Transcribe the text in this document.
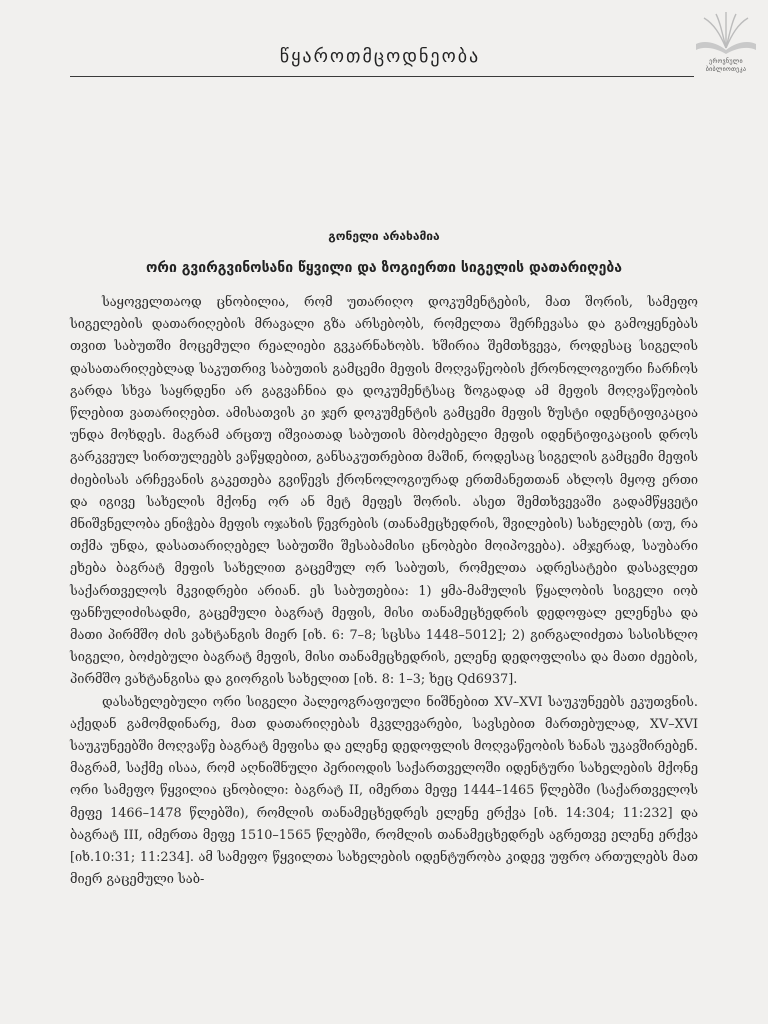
ეროვნული
ბიბლიოთეკა
წყაროთმცოდნეობა
გონელი არახამია
ორი გვირგვინოსანი წყვილი და ზოგიერთი სიგელის დათარიღება

საყოველთაოდ ცნობილია, რომ უთარიღო დოკუმენტების, მათ შორის, სამეფო სიგელების დათარიღების მრავალი გზა არსებობს, რომელთა შერჩევასა და გამოყენებას თვით საბუთში მოცემული რეალიები გვკარნახობს. ხშირია შემთხვევა, როდესაც სიგელის დასათარიღებლად საკუთრივ საბუთის გამცემი მეფის მოღვაწეობის ქრონოლოგიური ჩარჩოს გარდა სხვა საყრდენი არ გაგვაჩნია და დოკუმენტსაც ზოგადად ამ მეფის მოღვაწეობის წლებით ვათარიღებთ. ამისათვის კი ჯერ დოკუმენტის გამცემი მეფის ზუსტი იდენტიფიკაცია უნდა მოხდეს. მაგრამ არცთუ იშვიათად საბუთის მბოძებელი მეფის იდენტიფიკაციის დროს გარკვეულ სირთულეებს ვაწყდებით, განსაკუთრებით მაშინ, როდესაც სიგელის გამცემი მეფის ძიებისას არჩევანის გაკეთება გვიწევს ქრონოლოგიურად ერთმანეთთან ახლოს მყოფ ერთი და იგივე სახელის მქონე ორ ან მეტ მეფეს შორის. ასეთ შემთხვევაში გადამწყვეტი მნიშვნელობა ენიჭება მეფის ოჯახის წევრების (თანამეცხედრის, შვილების) სახელებს (თუ, რა თქმა უნდა, დასათარიღებელ საბუთში შესაბამისი ცნობები მოიპოვება). ამჯერად, საუბარი ეხება ბაგრატ მეფის სახელით გაცემულ ორ საბუთს, რომელთა ადრესატები დასავლეთ საქართველოს მკვიდრები არიან. ეს საბუთებია: 1) ყმა-მამულის წყალობის სიგელი იობ ფანჩულიძისადმი, გაცემული ბაგრატ მეფის, მისი თანამეცხედრის დედოფალ ელენესა და მათი პირმშო ძის ვახტანგის მიერ [იხ. 6: 7–8; სცსსა 1448–5012]; 2) გირგალიძეთა სასისხლო სიგელი, ბოძებული ბაგრატ მეფის, მისი თანამეცხედრის, ელენე დედოფლისა და მათი ძეების, პირმშო ვახტანგისა და გიორგის სახელით [იხ. 8: 1–3; ხეც Qd6937].

დასახელებული ორი სიგელი პალეოგრაფიული ნიშნებით XV–XVI საუკუნეებს ეკუთვნის. აქედან გამომდინარე, მათ დათარიღებას მკვლევარები, სავსებით მართებულად, XV–XVI საუკუნეებში მოღვაწე ბაგრატ მეფისა და ელენე დედოფლის მოღვაწეობის ხანას უკავშირებენ. მაგრამ, საქმე ისაა, რომ აღნიშნული პერიოდის საქართველოში იდენტური სახელების მქონე ორი სამეფო წყვილია ცნობილი: ბაგრატ II, იმერთა მეფე 1444–1465 წლებში (საქართველოს მეფე 1466–1478 წლებში), რომლის თანამეცხედრეს ელენე ერქვა [იხ. 14:304; 11:232] და ბაგრატ III, იმერთა მეფე 1510–1565 წლებში, რომლის თანამეცხედრეს აგრეთვე ელენე ერქვა [იხ.10:31; 11:234]. ამ სამეფო წყვილთა სახელების იდენტურობა კიდევ უფრო ართულებს მათ მიერ გაცემული საბ-
